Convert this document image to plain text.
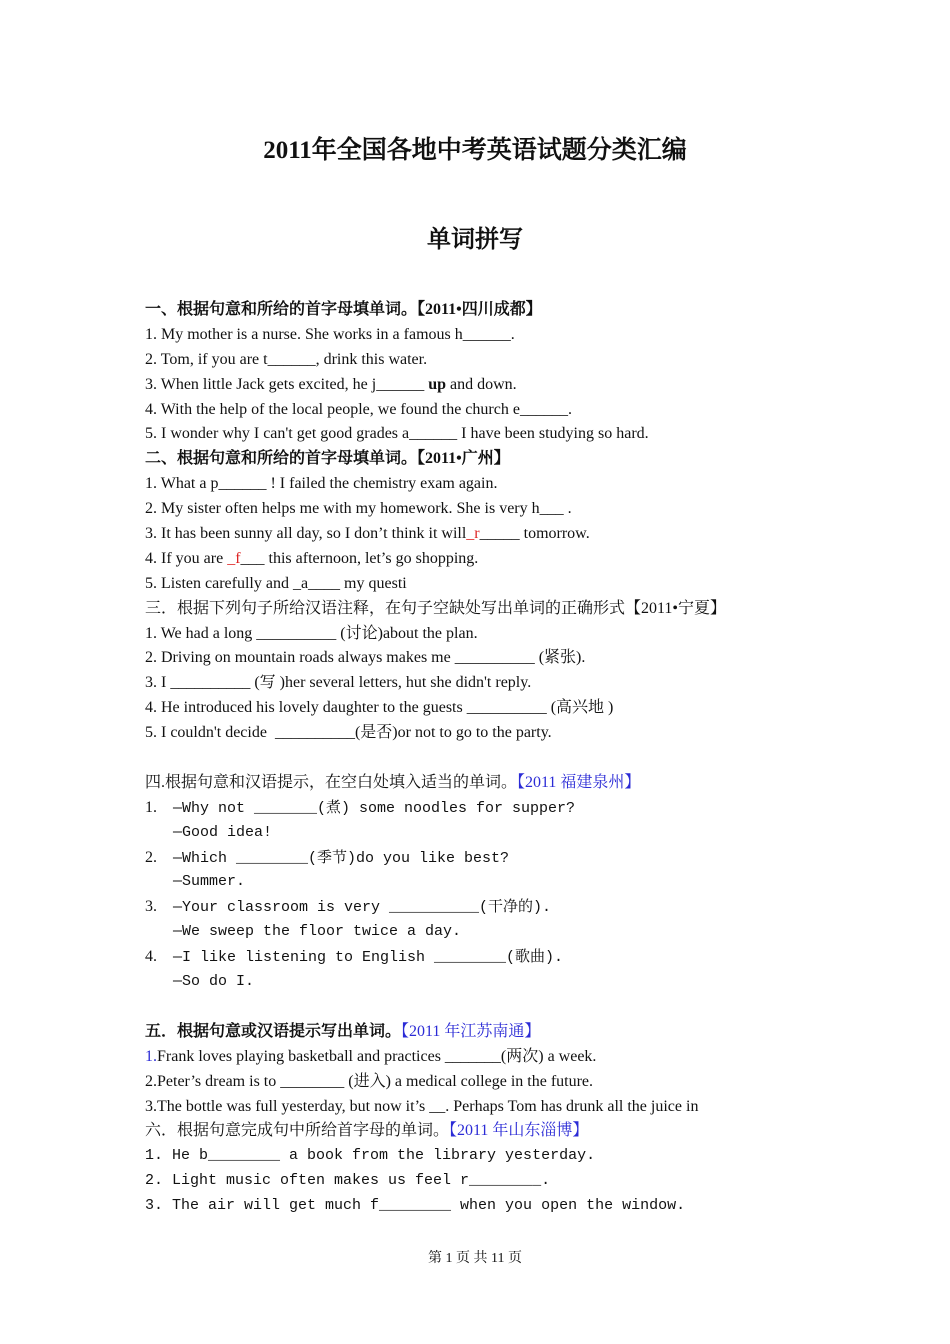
2011年全国各地中考英语试题分类汇编
单词拼写
一、根据句意和所给的首字母填单词。【2011•四川成都】
1. My mother is a nurse. She works in a famous h______.
2. Tom, if you are t______, drink this water.
3. When little Jack gets excited, he j______ up and down.
4. With the help of the local people, we found the church e______.
5. I wonder why I can't get good grades a______ I have been studying so hard.
二、根据句意和所给的首字母填单词。【2011•广州】
1. What a p______ ! I failed the chemistry exam again.
2. My sister often helps me with my homework. She is very h___ .
3. It has been sunny all day, so I don’t think it will_r_____ tomorrow.
4. If you are _f___ this afternoon, let’s go shopping.
5. Listen carefully and _a____ my questi
三．根据下列句子所给汉语注释，在句子空缺处写出单词的正确形式【2011•宁夏】
1. We had a long __________ (讨论)about the plan.
2. Driving on mountain roads always makes me __________ (紧张).
3. I __________ (写 )her several letters, hut she didn't reply.
4. He introduced his lovely daughter to the guests __________ (高兴地 )
5. I couldn't decide  __________(是否)or not to go to the party.
四.根据句意和汉语提示，在空白处填入适当的单词。【2011 福建泉州】
1. —Why not _______(煮) some noodles for supper?
—Good idea!
2. —Which ________(季节)do you like best?
—Summer.
3. —Your classroom is very __________(干净的).
—We sweep the floor twice a day.
4. —I like listening to English ________(歌曲).
—So do I.
五．根据句意或汉语提示写出单词。【2011 年江苏南通】
1.Frank loves playing basketball and practices _______(两次) a week.
2.Peter’s dream is to ________ (进入) a medical college in the future.
3.The bottle was full yesterday, but now it’s __. Perhaps Tom has drunk all the juice in
六．根据句意完成句中所给首字母的单词。【2011 年山东淄博】
1. He b________ a book from the library yesterday.
2. Light music often makes us feel r________.
3. The air will get much f________ when you open the window.
第 1 页 共 11 页
